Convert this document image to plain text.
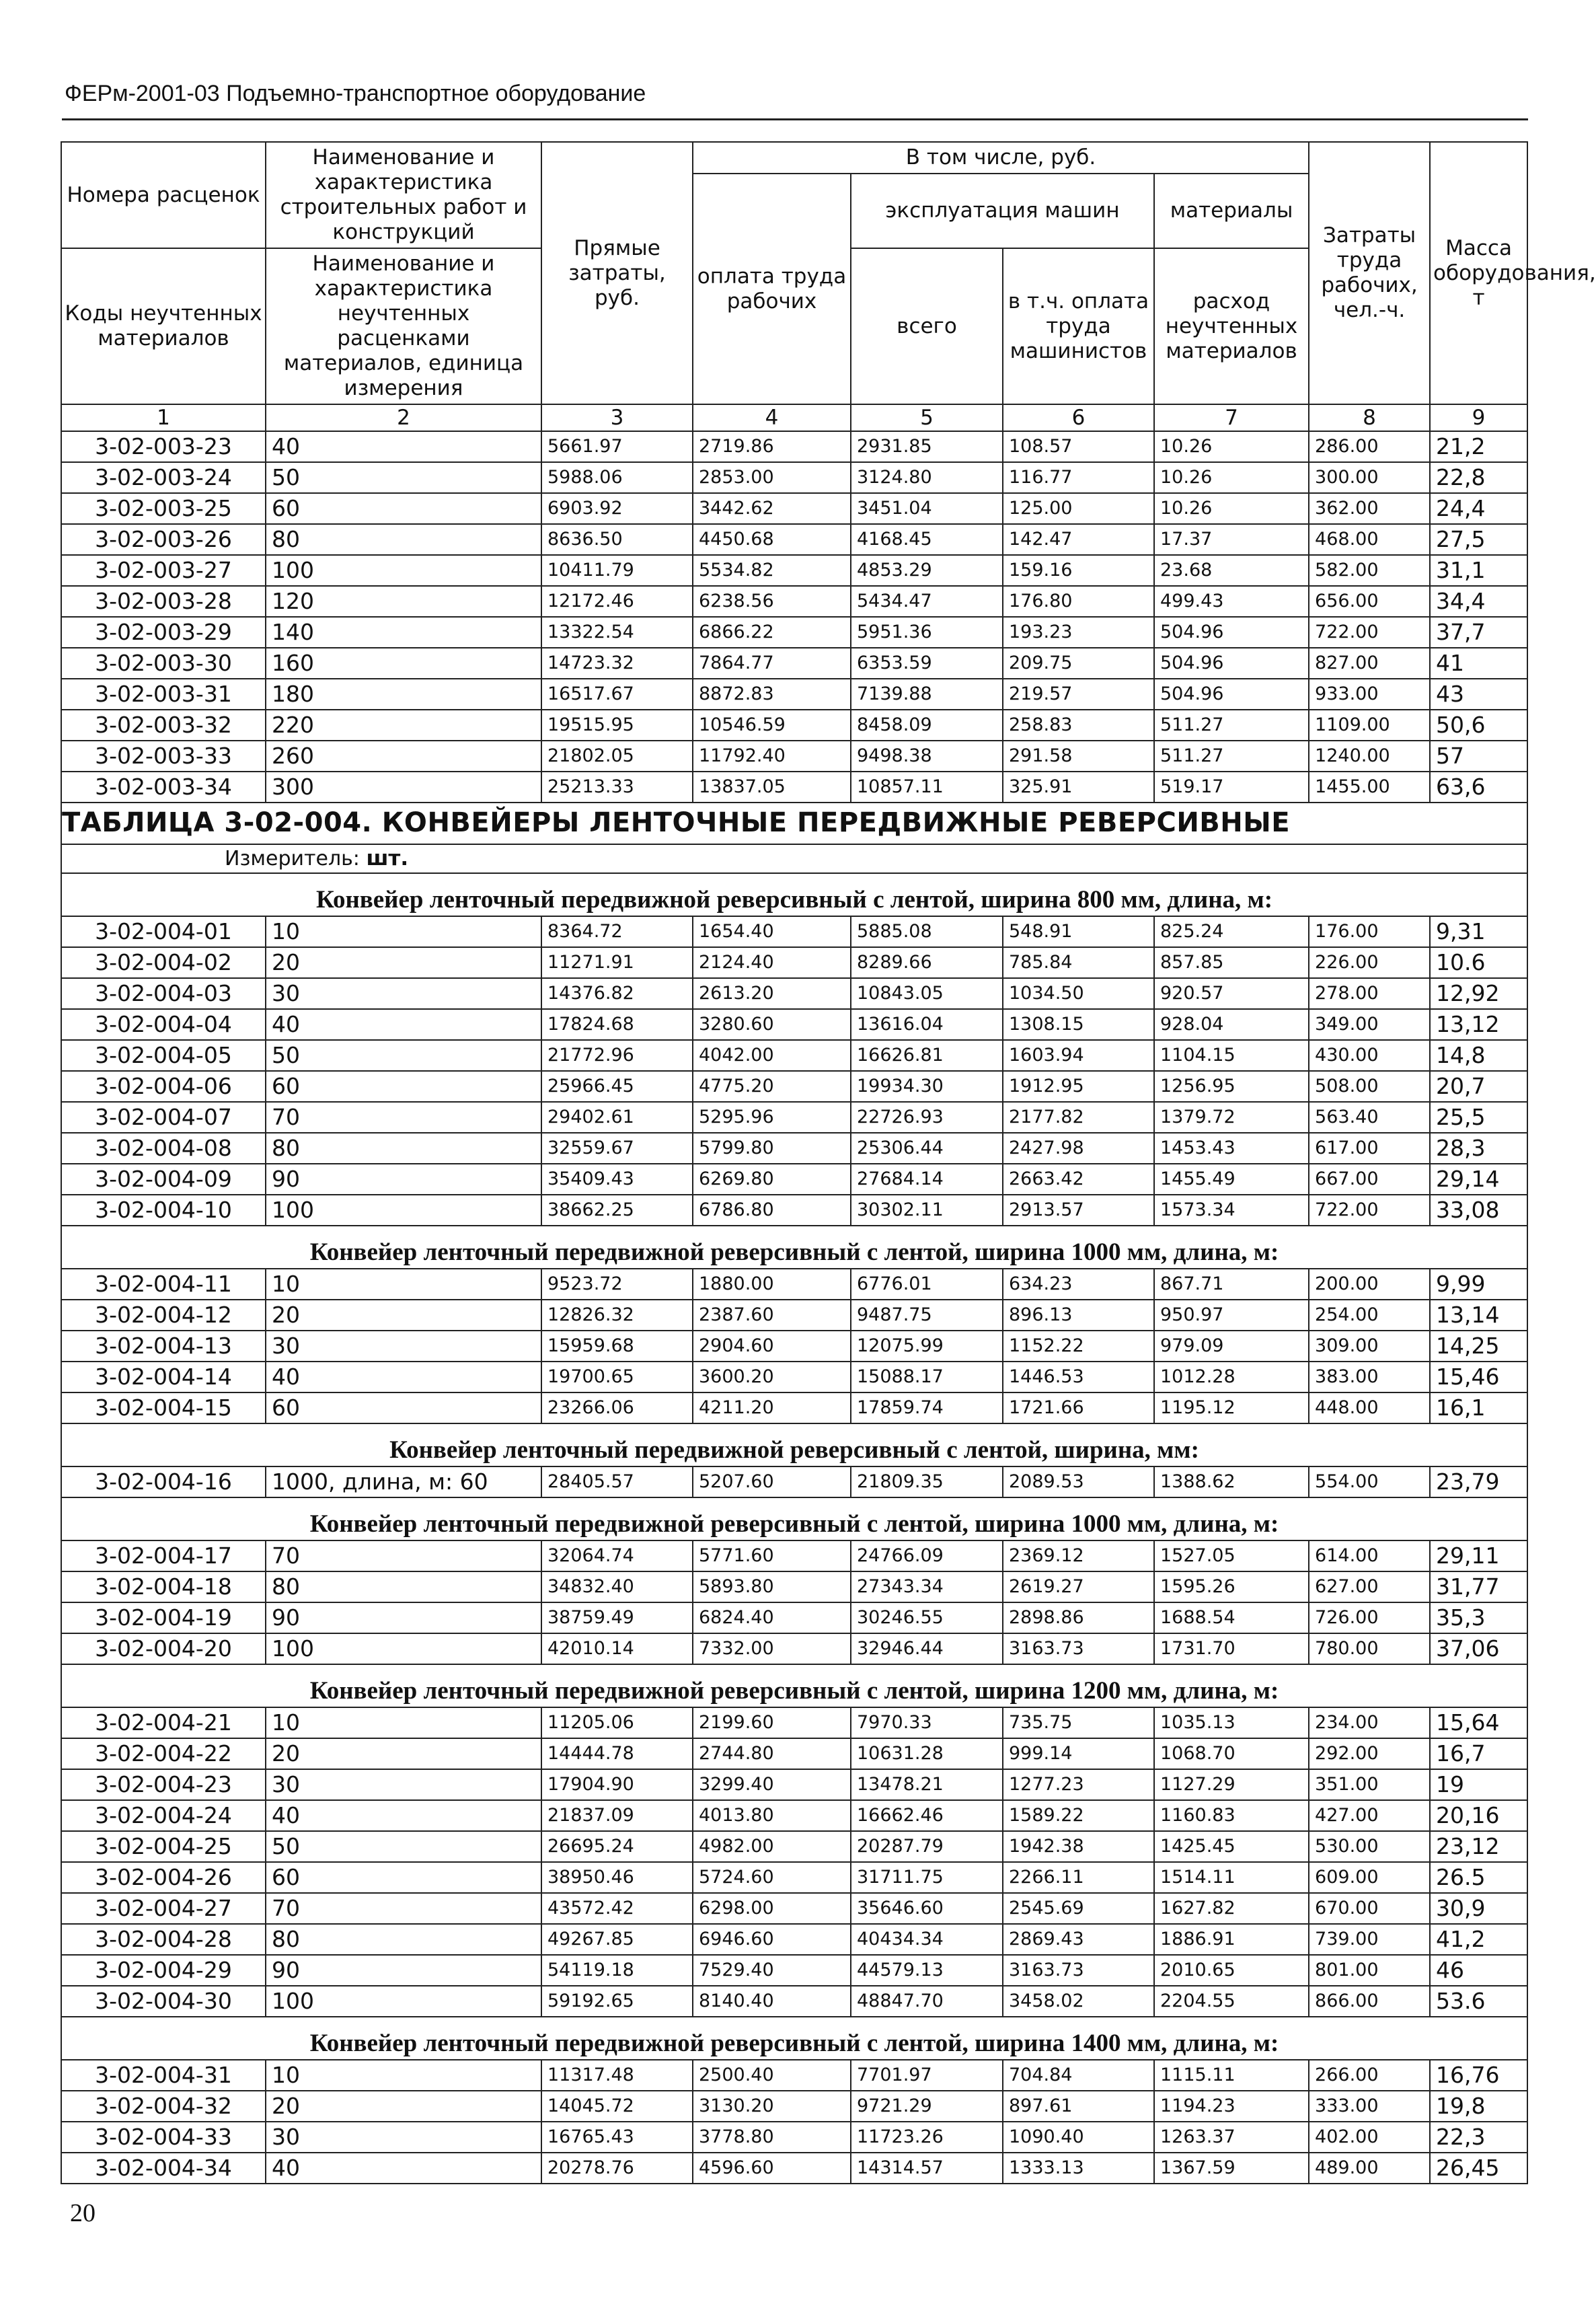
ФЕРм-2001-03 Подъемно-транспортное оборудование
Номера расценок	Наименование и характеристика строительных работ и конструкций	Прямые затраты, руб.	В том числе, руб.				Затраты труда рабочих, чел.-ч.	Масса оборудования, т
			оплата труда рабочих	эксплуатация машин		материалы		
Коды неучтенных материалов	Наименование и характеристика неучтенных расценками материалов, единица измерения			всего	в т.ч. оплата труда машинистов	расход неучтенных материалов		

1	2	3	4	5	6	7	8	9
3-02-003-23	40	5661.97	2719.86	2931.85	108.57	10.26	286.00	21,2
3-02-003-24	50	5988.06	2853.00	3124.80	116.77	10.26	300.00	22,8
3-02-003-25	60	6903.92	3442.62	3451.04	125.00	10.26	362.00	24,4
3-02-003-26	80	8636.50	4450.68	4168.45	142.47	17.37	468.00	27,5
3-02-003-27	100	10411.79	5534.82	4853.29	159.16	23.68	582.00	31,1
3-02-003-28	120	12172.46	6238.56	5434.47	176.80	499.43	656.00	34,4
3-02-003-29	140	13322.54	6866.22	5951.36	193.23	504.96	722.00	37,7
3-02-003-30	160	14723.32	7864.77	6353.59	209.75	504.96	827.00	41
3-02-003-31	180	16517.67	8872.83	7139.88	219.57	504.96	933.00	43
3-02-003-32	220	19515.95	10546.59	8458.09	258.83	511.27	1109.00	50,6
3-02-003-33	260	21802.05	11792.40	9498.38	291.58	511.27	1240.00	57
3-02-003-34	300	25213.33	13837.05	10857.11	325.91	519.17	1455.00	63,6
ТАБЛИЦА 3-02-004. КОНВЕЙЕРЫ ЛЕНТОЧНЫЕ ПЕРЕДВИЖНЫЕ РЕВЕРСИВНЫЕ								
Измеритель: шт.								
Конвейер ленточный передвижной реверсивный с лентой, ширина 800 мм, длина, м:								
3-02-004-01	10	8364.72	1654.40	5885.08	548.91	825.24	176.00	9,31
3-02-004-02	20	11271.91	2124.40	8289.66	785.84	857.85	226.00	10.6
3-02-004-03	30	14376.82	2613.20	10843.05	1034.50	920.57	278.00	12,92
3-02-004-04	40	17824.68	3280.60	13616.04	1308.15	928.04	349.00	13,12
3-02-004-05	50	21772.96	4042.00	16626.81	1603.94	1104.15	430.00	14,8
3-02-004-06	60	25966.45	4775.20	19934.30	1912.95	1256.95	508.00	20,7
3-02-004-07	70	29402.61	5295.96	22726.93	2177.82	1379.72	563.40	25,5
3-02-004-08	80	32559.67	5799.80	25306.44	2427.98	1453.43	617.00	28,3
3-02-004-09	90	35409.43	6269.80	27684.14	2663.42	1455.49	667.00	29,14
3-02-004-10	100	38662.25	6786.80	30302.11	2913.57	1573.34	722.00	33,08
Конвейер ленточный передвижной реверсивный с лентой, ширина 1000 мм, длина, м:								
3-02-004-11	10	9523.72	1880.00	6776.01	634.23	867.71	200.00	9,99
3-02-004-12	20	12826.32	2387.60	9487.75	896.13	950.97	254.00	13,14
3-02-004-13	30	15959.68	2904.60	12075.99	1152.22	979.09	309.00	14,25
3-02-004-14	40	19700.65	3600.20	15088.17	1446.53	1012.28	383.00	15,46
3-02-004-15	60	23266.06	4211.20	17859.74	1721.66	1195.12	448.00	16,1
Конвейер ленточный передвижной реверсивный с лентой, ширина, мм:								
3-02-004-16	1000, длина, м: 60	28405.57	5207.60	21809.35	2089.53	1388.62	554.00	23,79
Конвейер ленточный передвижной реверсивный с лентой, ширина 1000 мм, длина, м:								
3-02-004-17	70	32064.74	5771.60	24766.09	2369.12	1527.05	614.00	29,11
3-02-004-18	80	34832.40	5893.80	27343.34	2619.27	1595.26	627.00	31,77
3-02-004-19	90	38759.49	6824.40	30246.55	2898.86	1688.54	726.00	35,3
3-02-004-20	100	42010.14	7332.00	32946.44	3163.73	1731.70	780.00	37,06
Конвейер ленточный передвижной реверсивный с лентой, ширина 1200 мм, длина, м:								
3-02-004-21	10	11205.06	2199.60	7970.33	735.75	1035.13	234.00	15,64
3-02-004-22	20	14444.78	2744.80	10631.28	999.14	1068.70	292.00	16,7
3-02-004-23	30	17904.90	3299.40	13478.21	1277.23	1127.29	351.00	19
3-02-004-24	40	21837.09	4013.80	16662.46	1589.22	1160.83	427.00	20,16
3-02-004-25	50	26695.24	4982.00	20287.79	1942.38	1425.45	530.00	23,12
3-02-004-26	60	38950.46	5724.60	31711.75	2266.11	1514.11	609.00	26.5
3-02-004-27	70	43572.42	6298.00	35646.60	2545.69	1627.82	670.00	30,9
3-02-004-28	80	49267.85	6946.60	40434.34	2869.43	1886.91	739.00	41,2
3-02-004-29	90	54119.18	7529.40	44579.13	3163.73	2010.65	801.00	46
3-02-004-30	100	59192.65	8140.40	48847.70	3458.02	2204.55	866.00	53.6
Конвейер ленточный передвижной реверсивный с лентой, ширина 1400 мм, длина, м:								
3-02-004-31	10	11317.48	2500.40	7701.97	704.84	1115.11	266.00	16,76
3-02-004-32	20	14045.72	3130.20	9721.29	897.61	1194.23	333.00	19,8
3-02-004-33	30	16765.43	3778.80	11723.26	1090.40	1263.37	402.00	22,3
3-02-004-34	40	20278.76	4596.60	14314.57	1333.13	1367.59	489.00	26,45
20
